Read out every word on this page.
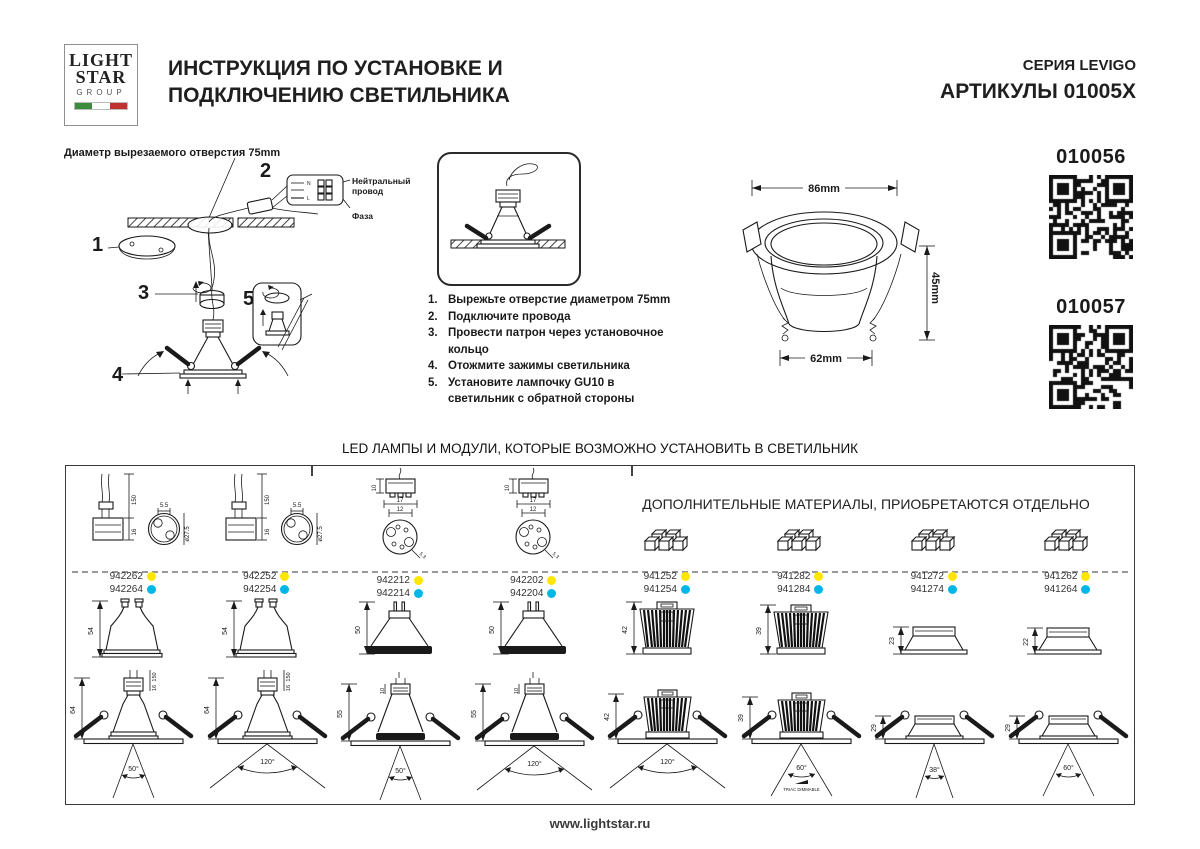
LIGHT
STAR
GROUP
ИНСТРУКЦИЯ ПО УСТАНОВКЕ И
ПОДКЛЮЧЕНИЮ СВЕТИЛЬНИКА
СЕРИЯ LEVIGO
АРТИКУЛЫ 01005X
Диаметр вырезаемого отверстия 75mm
N
L
1
2
3
4
5
Нейтральный провод
Фаза
1. Вырежьте отверстие диаметром 75mm
2. Подключите провода
3. Провести патрон через установочное кольцо
4. Отожмите зажимы светильника
5. Установите лампочку GU10 в светильник с обратной стороны
86mm
45mm
62mm
010056
010057
LED ЛАМПЫ И МОДУЛИ, КОТОРЫЕ ВОЗМОЖНО УСТАНОВИТЬ В СВЕТИЛЬНИК
ДОПОЛНИТЕЛЬНЫЕ МАТЕРИАЛЫ, ПРИОБРЕТАЮТСЯ ОТДЕЛЬНО
150
16
5.5
ø27.5
942262
942264
54
64
150
16
50°
150
16
5.5
ø27.5
942252
942254
54
64
150
16
120°
10
17
12
5.3
942212
942214
50
55
10
50°
10
17
12
5.3
942202
942204
50
55
10
120°
941252
941254
42
42
120°
941282
941284
39
39
60°
TRIAC DIMMABLE
941272
941274
23
29
38°
941262
941264
22
29
60°
www.lightstar.ru
